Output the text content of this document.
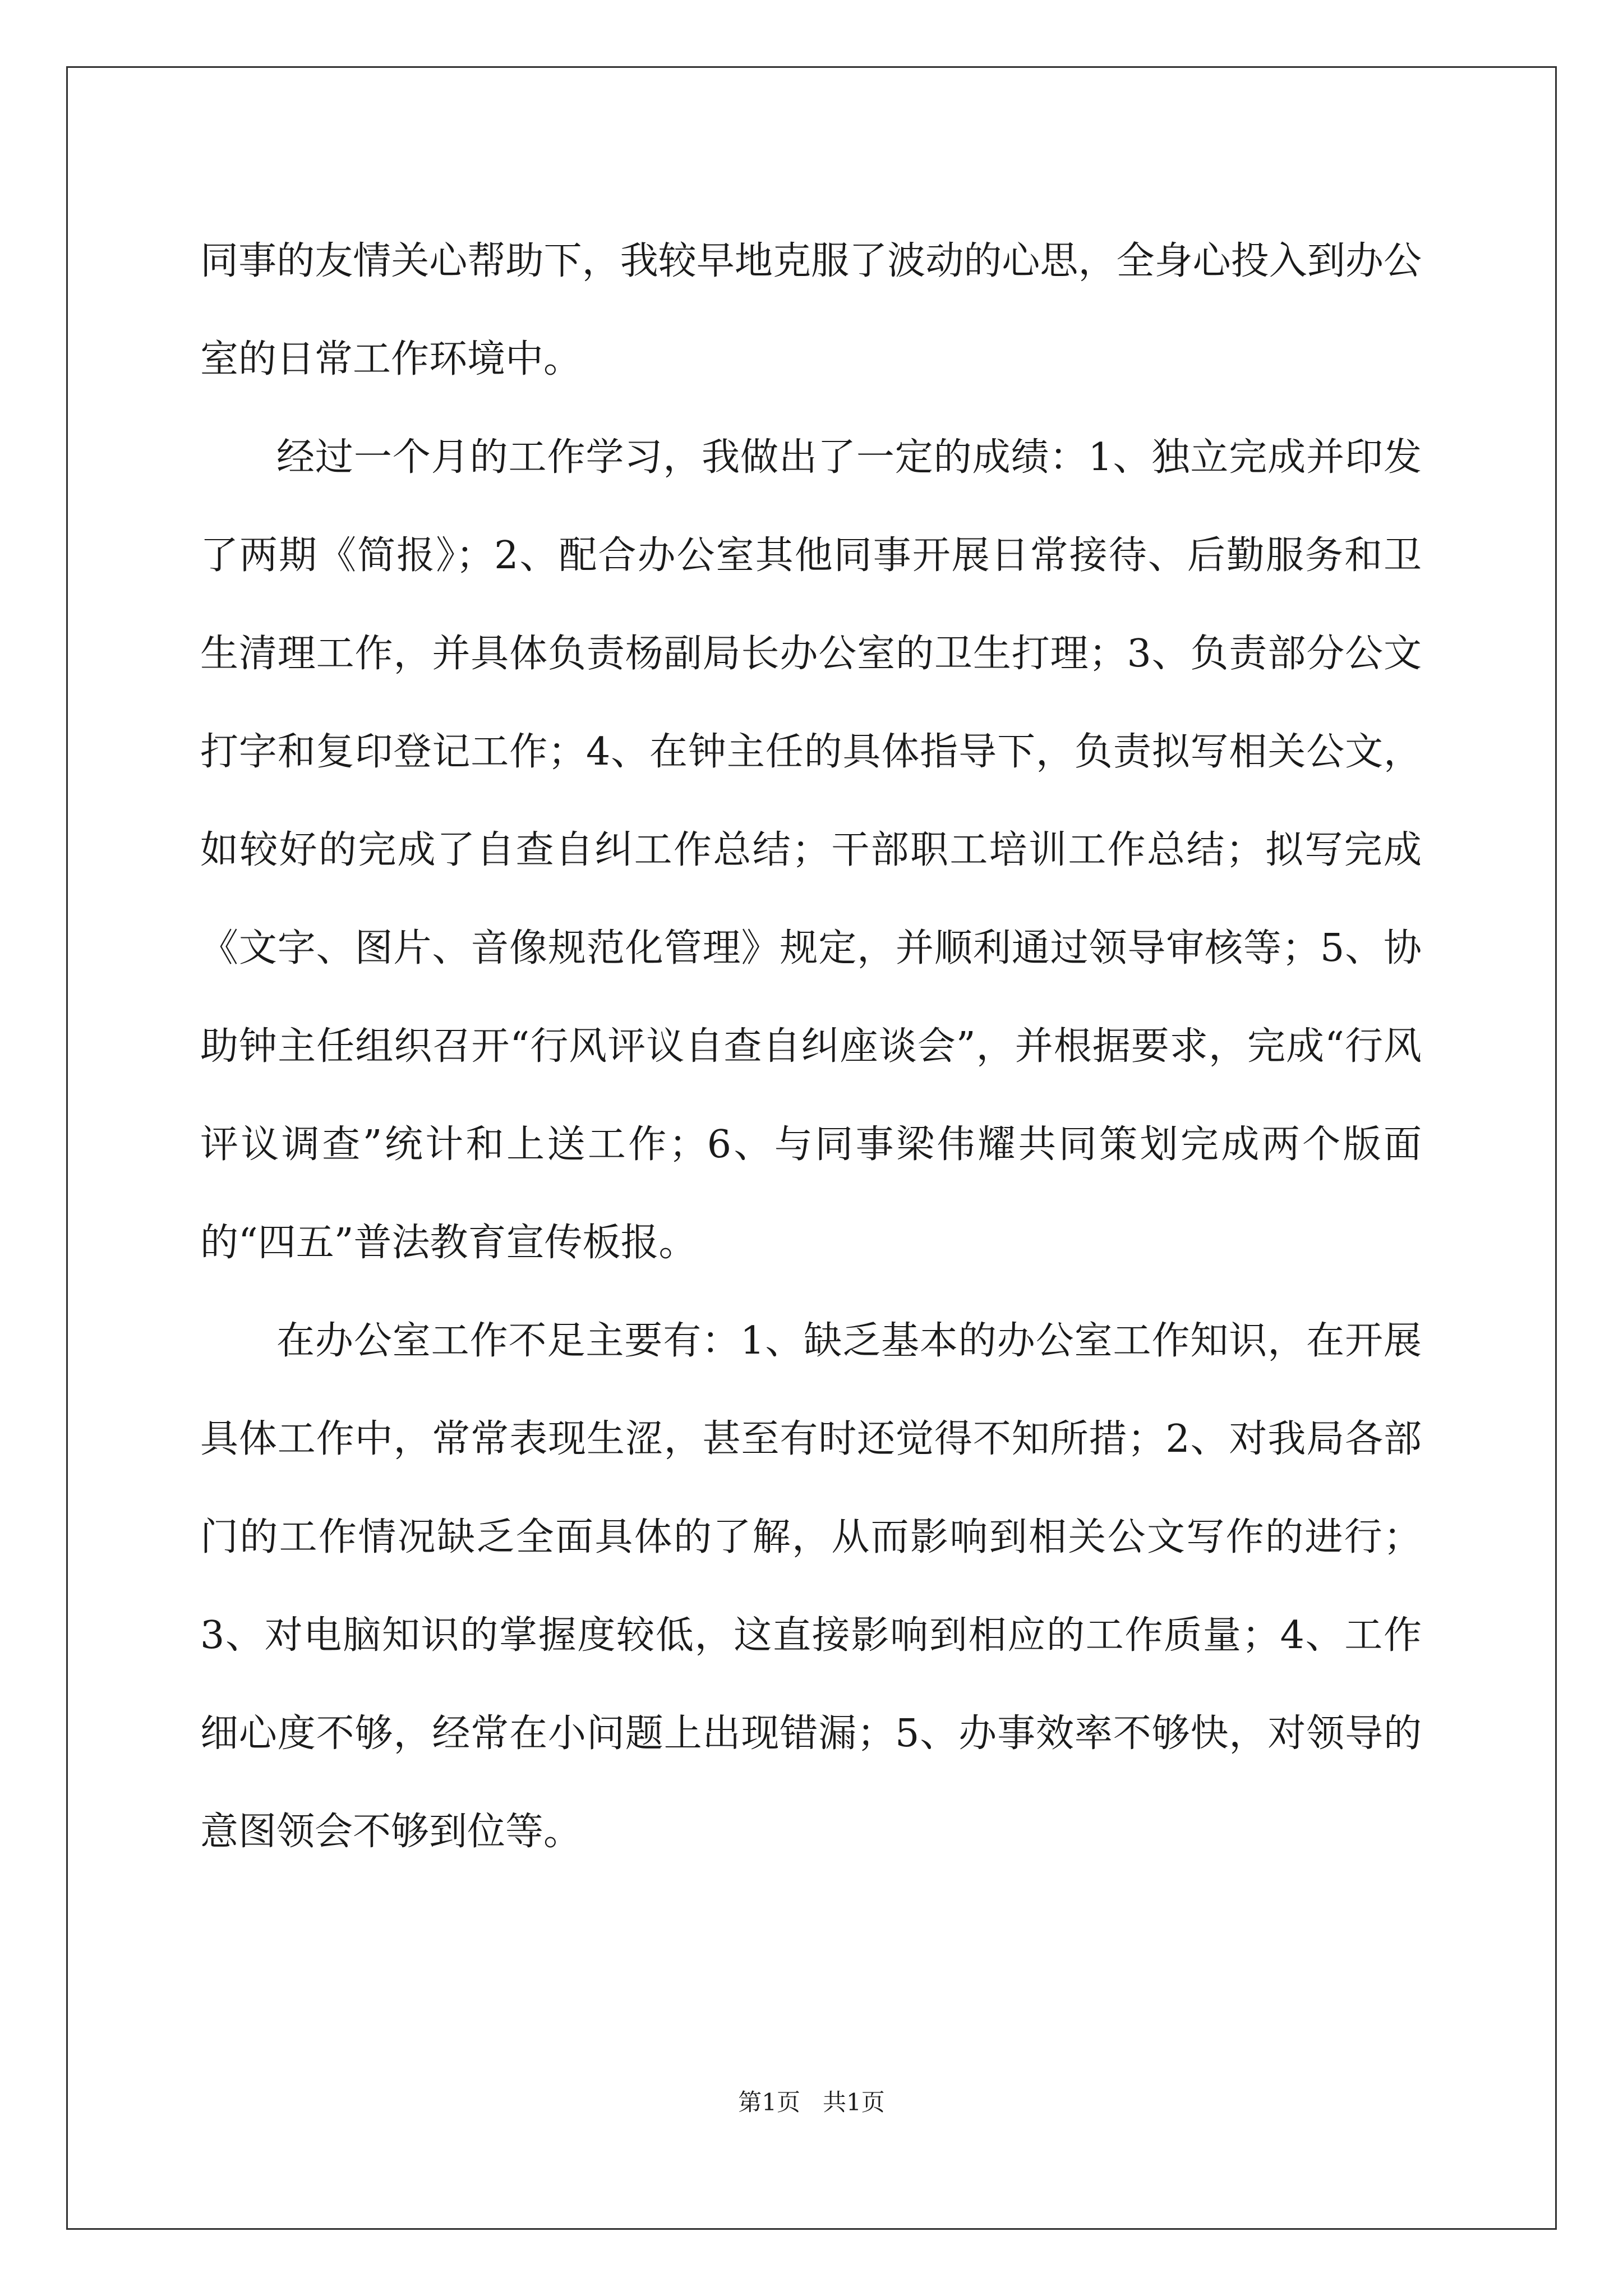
同事的友情关心帮助下，我较早地克服了波动的心思，全身心投入到办公室的日常工作环境中。

经过一个月的工作学习，我做出了一定的成绩：1、独立完成并印发了两期《简报》；2、配合办公室其他同事开展日常接待、后勤服务和卫生清理工作，并具体负责杨副局长办公室的卫生打理；3、负责部分公文打字和复印登记工作；4、在钟主任的具体指导下，负责拟写相关公文，如较好的完成了自查自纠工作总结；干部职工培训工作总结；拟写完成《文字、图片、音像规范化管理》规定，并顺利通过领导审核等；5、协助钟主任组织召开“行风评议自查自纠座谈会”，并根据要求，完成“行风评议调查”统计和上送工作；6、与同事梁伟耀共同策划完成两个版面的“四五”普法教育宣传板报。

在办公室工作不足主要有：1、缺乏基本的办公室工作知识，在开展具体工作中，常常表现生涩，甚至有时还觉得不知所措；2、对我局各部门的工作情况缺乏全面具体的了解，从而影响到相关公文写作的进行；3、对电脑知识的掌握度较低，这直接影响到相应的工作质量；4、工作细心度不够，经常在小问题上出现错漏；5、办事效率不够快，对领导的意图领会不够到位等。

第1页 共1页
